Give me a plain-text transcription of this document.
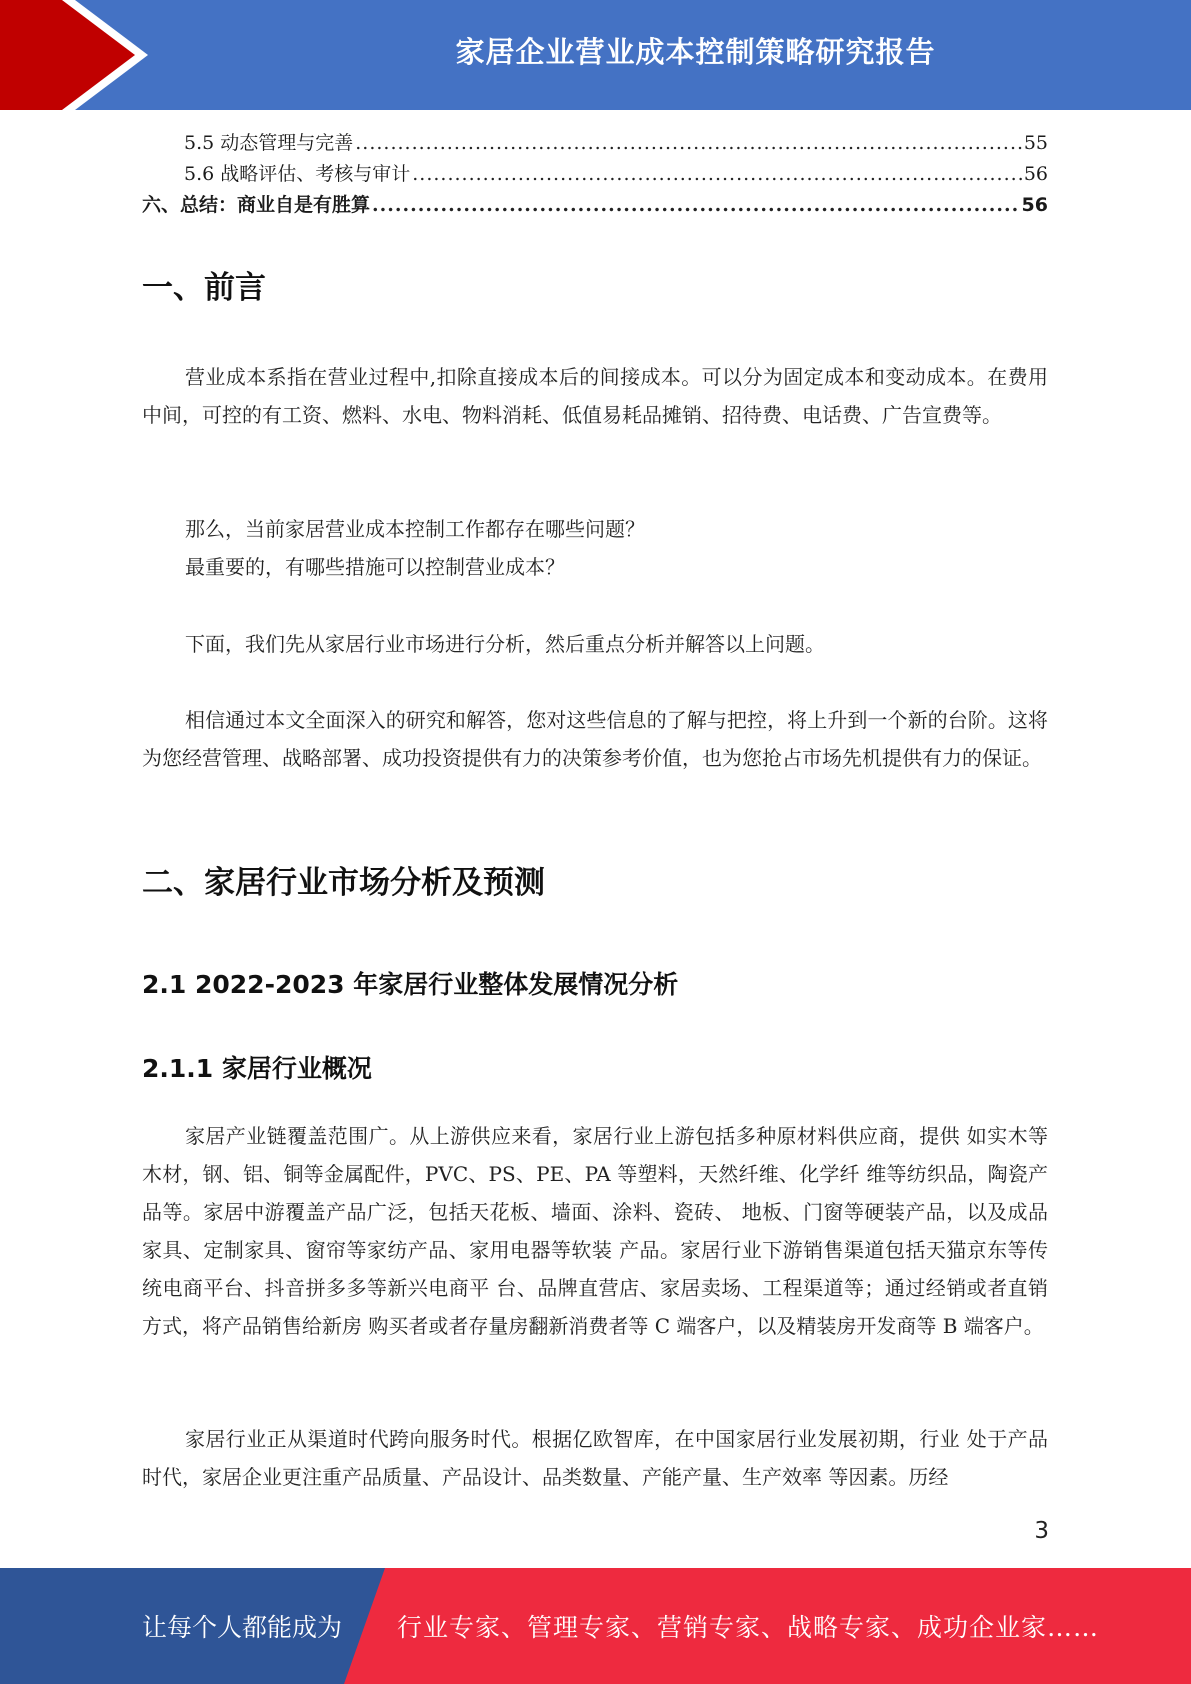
家居企业营业成本控制策略研究报告
5.5 动态管理与完善 .....	55
5.6 战略评估、考核与审计 .....	56
六、总结：商业自是有胜算 .....	56
一、前言

营业成本系指在营业过程中,扣除直接成本后的间接成本。可以分为固定成本和变动成本。在费用中间，可控的有工资、燃料、水电、物料消耗、低值易耗品摊销、招待费、电话费、广告宣费等。

那么，当前家居营业成本控制工作都存在哪些问题？

最重要的，有哪些措施可以控制营业成本？

下面，我们先从家居行业市场进行分析，然后重点分析并解答以上问题。

相信通过本文全面深入的研究和解答，您对这些信息的了解与把控，将上升到一个新的台阶。这将为您经营管理、战略部署、成功投资提供有力的决策参考价值，也为您抢占市场先机提供有力的保证。

二、家居行业市场分析及预测
2.1 2022-2023 年家居行业整体发展情况分析
2.1.1 家居行业概况

家居产业链覆盖范围广。从上游供应来看，家居行业上游包括多种原材料供应商，提供 如实木等木材，钢、铝、铜等金属配件，PVC、PS、PE、PA 等塑料，天然纤维、化学纤 维等纺织品，陶瓷产品等。家居中游覆盖产品广泛，包括天花板、墙面、涂料、瓷砖、 地板、门窗等硬装产品，以及成品家具、定制家具、窗帘等家纺产品、家用电器等软装 产品。家居行业下游销售渠道包括天猫京东等传统电商平台、抖音拼多多等新兴电商平 台、品牌直营店、家居卖场、工程渠道等；通过经销或者直销方式，将产品销售给新房 购买者或者存量房翻新消费者等 C 端客户，以及精装房开发商等 B 端客户。

家居行业正从渠道时代跨向服务时代。根据亿欧智库，在中国家居行业发展初期，行业 处于产品时代，家居企业更注重产品质量、产品设计、品类数量、产能产量、生产效率 等因素。历经

3
让每个人都能成为 行业专家、管理专家、营销专家、战略专家、成功企业家……
